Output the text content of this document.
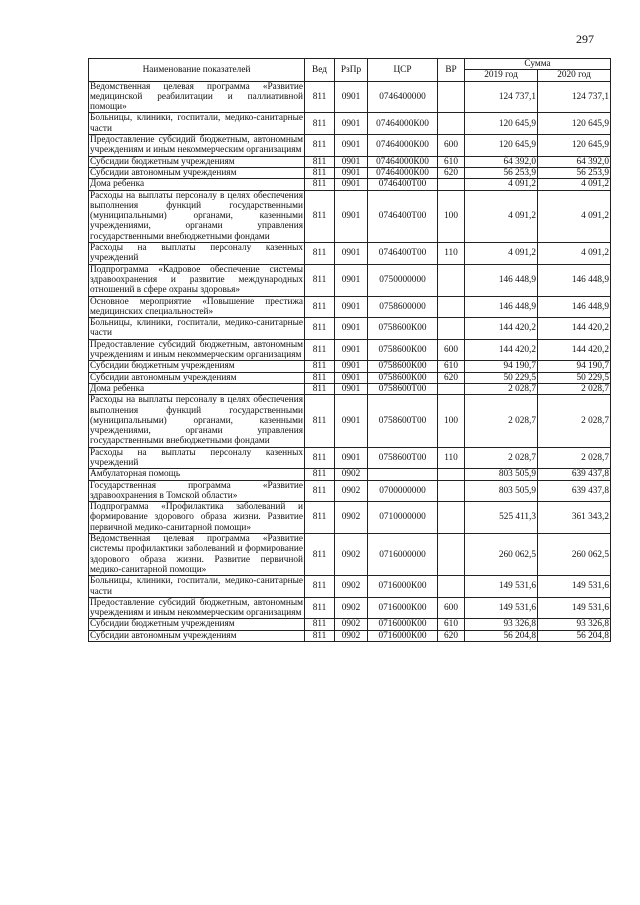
297
Наименование показателей	Вед	РзПр	ЦСР	ВР	Сумма	
					2019 год	2020 год
Ведомственная целевая программа «Развитие медицинской реабилитации и паллиативной помощи»	811	0901	0746400000		124 737,1	124 737,1
Больницы, клиники, госпитали, медико-санитарные части	811	0901	07464000К00		120 645,9	120 645,9
Предоставление субсидий бюджетным, автономным учреждениям и иным некоммерческим организациям	811	0901	07464000К00	600	120 645,9	120 645,9
Субсидии бюджетным учреждениям	811	0901	07464000К00	610	64 392,0	64 392,0
Субсидии автономным учреждениям	811	0901	07464000К00	620	56 253,9	56 253,9
Дома ребенка	811	0901	0746400Т00		4 091,2	4 091,2
Расходы на выплаты персоналу в целях обеспечения выполнения функций государственными (муниципальными) органами, казенными учреждениями, органами управления государственными внебюджетными фондами	811	0901	0746400Т00	100	4 091,2	4 091,2
Расходы на выплаты персоналу казенных учреждений	811	0901	0746400Т00	110	4 091,2	4 091,2
Подпрограмма «Кадровое обеспечение системы здравоохранения и развитие международных отношений в сфере охраны здоровья»	811	0901	0750000000		146 448,9	146 448,9
Основное мероприятие «Повышение престижа медицинских специальностей»	811	0901	0758600000		146 448,9	146 448,9
Больницы, клиники, госпитали, медико-санитарные части	811	0901	0758600К00		144 420,2	144 420,2
Предоставление субсидий бюджетным, автономным учреждениям и иным некоммерческим организациям	811	0901	0758600К00	600	144 420,2	144 420,2
Субсидии бюджетным учреждениям	811	0901	0758600К00	610	94 190,7	94 190,7
Субсидии автономным учреждениям	811	0901	0758600К00	620	50 229,5	50 229,5
Дома ребенка	811	0901	0758600Т00		2 028,7	2 028,7
Расходы на выплаты персоналу в целях обеспечения выполнения функций государственными (муниципальными) органами, казенными учреждениями, органами управления государственными внебюджетными фондами	811	0901	0758600Т00	100	2 028,7	2 028,7
Расходы на выплаты персоналу казенных учреждений	811	0901	0758600Т00	110	2 028,7	2 028,7
Амбулаторная помощь	811	0902			803 505,9	639 437,8
Государственная программа «Развитие здравоохранения в Томской области»	811	0902	0700000000		803 505,9	639 437,8
Подпрограмма «Профилактика заболеваний и формирование здорового образа жизни. Развитие первичной медико-санитарной помощи»	811	0902	0710000000		525 411,3	361 343,2
Ведомственная целевая программа «Развитие системы профилактики заболеваний и формирование здорового образа жизни. Развитие первичной медико-санитарной помощи»	811	0902	0716000000		260 062,5	260 062,5
Больницы, клиники, госпитали, медико-санитарные части	811	0902	0716000К00		149 531,6	149 531,6
Предоставление субсидий бюджетным, автономным учреждениям и иным некоммерческим организациям	811	0902	0716000К00	600	149 531,6	149 531,6
Субсидии бюджетным учреждениям	811	0902	0716000К00	610	93 326,8	93 326,8
Субсидии автономным учреждениям	811	0902	0716000К00	620	56 204,8	56 204,8
